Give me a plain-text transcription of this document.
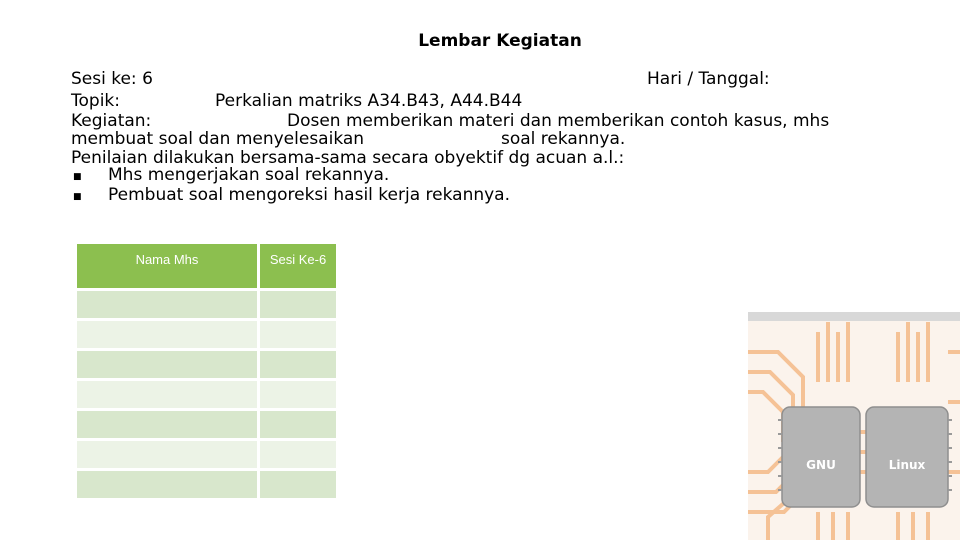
Lembar Kegiatan
Sesi ke: 6	Hari / Tanggal:
Topik:	Perkalian matriks A34.B43, A44.B44
Kegiatan:	Dosen memberikan materi dan memberikan contoh kasus, mhs
membuat soal dan menyelesaikan	soal rekannya.
Penilaian dilakukan bersama-sama secara obyektif dg acuan a.l.:
■ Mhs mengerjakan soal rekannya.
■ Pembuat soal mengoreksi hasil kerja rekannya.
Nama Mhs	Sesi Ke-6

GNU	Linux
